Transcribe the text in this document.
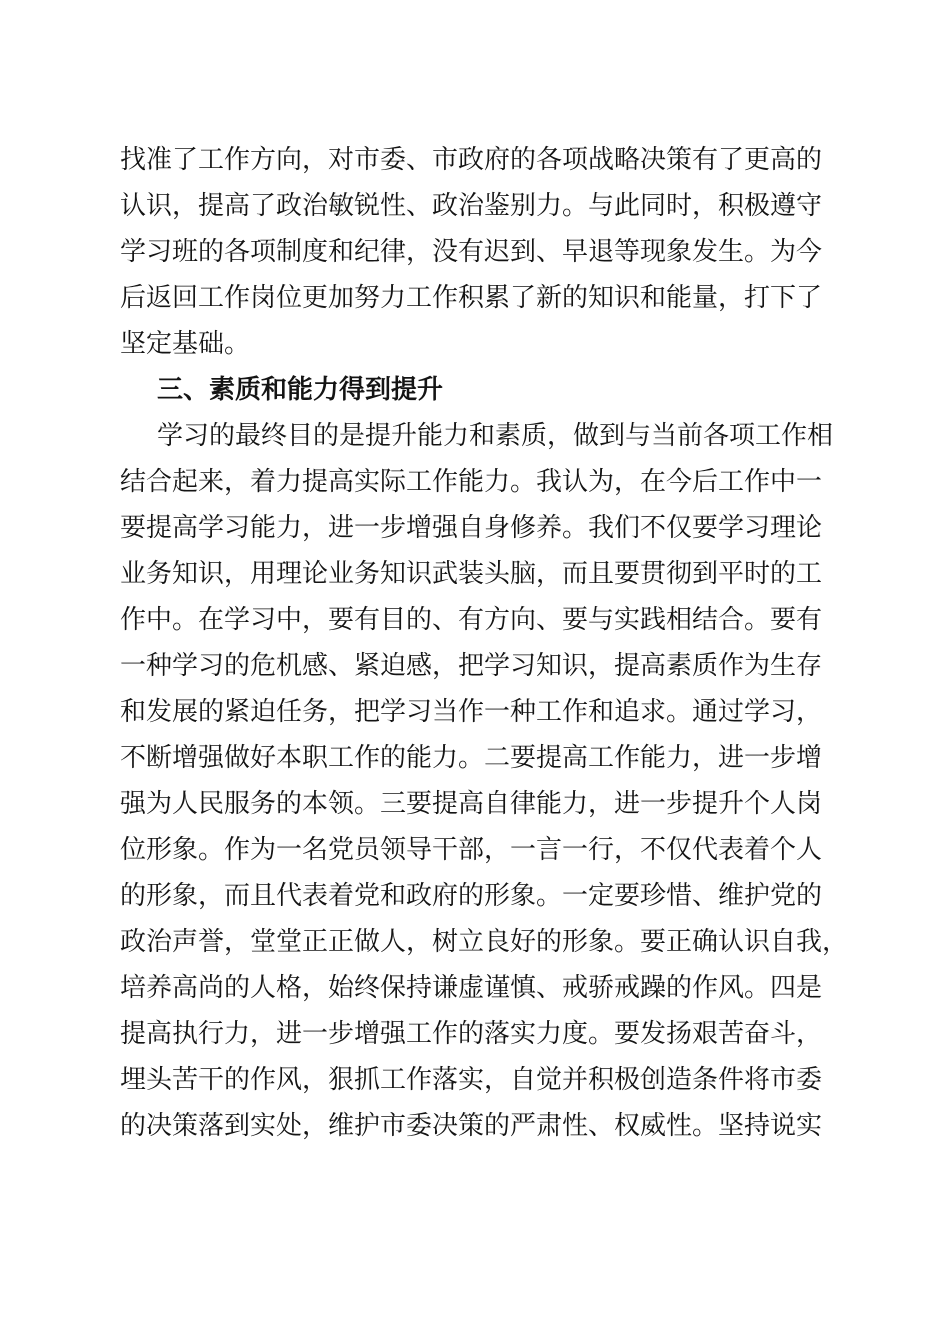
找准了工作方向，对市委、市政府的各项战略决策有了更高的
认识，提高了政治敏锐性、政治鉴别力。与此同时，积极遵守
学习班的各项制度和纪律，没有迟到、早退等现象发生。为今
后返回工作岗位更加努力工作积累了新的知识和能量，打下了
坚定基础。
三、素质和能力得到提升
学习的最终目的是提升能力和素质，做到与当前各项工作相
结合起来，着力提高实际工作能力。我认为，在今后工作中一
要提高学习能力，进一步增强自身修养。我们不仅要学习理论
业务知识，用理论业务知识武装头脑，而且要贯彻到平时的工
作中。在学习中，要有目的、有方向、要与实践相结合。要有
一种学习的危机感、紧迫感，把学习知识，提高素质作为生存
和发展的紧迫任务，把学习当作一种工作和追求。通过学习，
不断增强做好本职工作的能力。二要提高工作能力，进一步增
强为人民服务的本领。三要提高自律能力，进一步提升个人岗
位形象。作为一名党员领导干部，一言一行，不仅代表着个人
的形象，而且代表着党和政府的形象。一定要珍惜、维护党的
政治声誉，堂堂正正做人，树立良好的形象。要正确认识自我，
培养高尚的人格，始终保持谦虚谨慎、戒骄戒躁的作风。四是
提高执行力，进一步增强工作的落实力度。要发扬艰苦奋斗，
埋头苦干的作风，狠抓工作落实，自觉并积极创造条件将市委
的决策落到实处，维护市委决策的严肃性、权威性。坚持说实
